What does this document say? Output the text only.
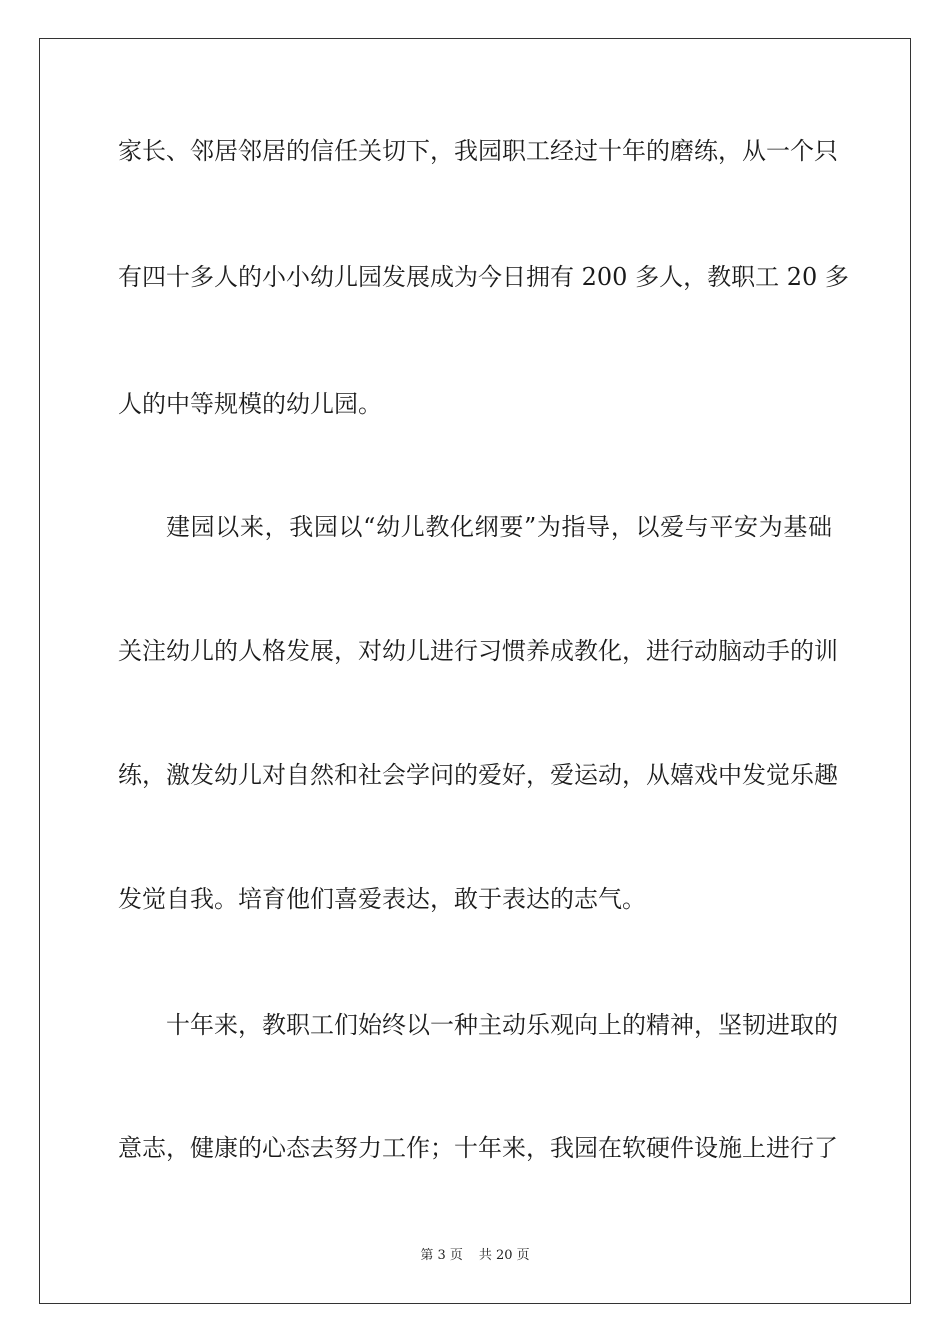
家长、邻居邻居的信任关切下，我园职工经过十年的磨练，从一个只
有四十多人的小小幼儿园发展成为今日拥有 200 多人，教职工 20 多
人的中等规模的幼儿园。
建园以来，我园以“幼儿教化纲要”为指导，以爱与平安为基础
关注幼儿的人格发展，对幼儿进行习惯养成教化，进行动脑动手的训
练，激发幼儿对自然和社会学问的爱好，爱运动，从嬉戏中发觉乐趣
发觉自我。培育他们喜爱表达，敢于表达的志气。
十年来，教职工们始终以一种主动乐观向上的精神，坚韧进取的
意志，健康的心态去努力工作；十年来，我园在软硬件设施上进行了
第 3 页 共 20 页
